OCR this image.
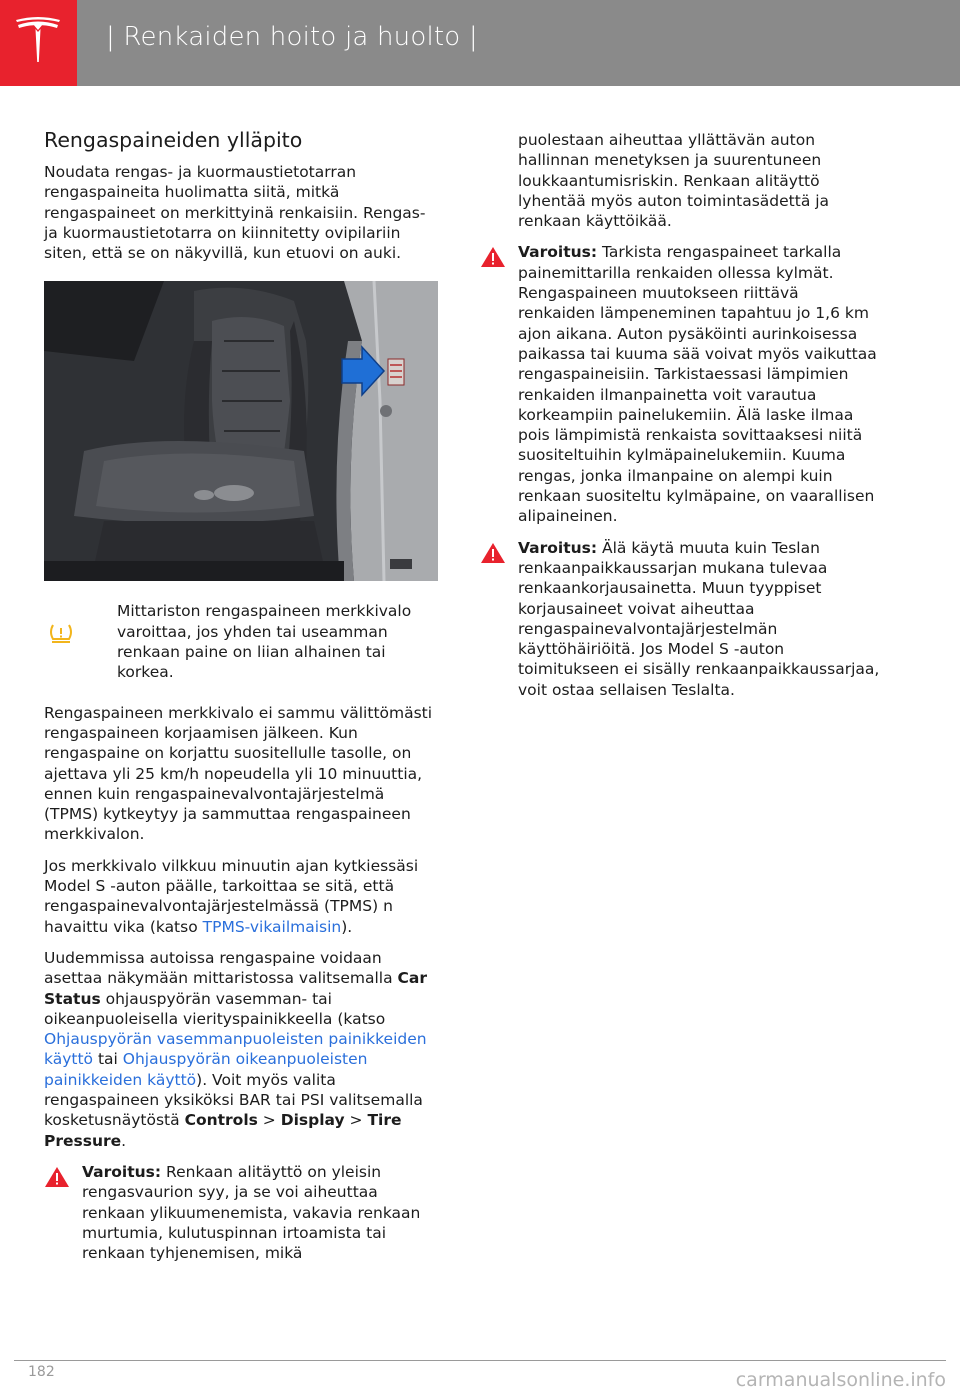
| Renkaiden hoito ja huolto |
Rengaspaineiden ylläpito

Noudata rengas- ja kuormaustietotarran rengaspaineita huolimatta siitä, mitkä rengaspaineet on merkittyinä renkaisiin. Rengas- ja kuormaustietotarra on kiinnitetty ovipilariin siten, että se on näkyvillä, kun etuovi on auki.

Mittariston rengaspaineen merkkivalo varoittaa, jos yhden tai useamman renkaan paine on liian alhainen tai korkea.

Rengaspaineen merkkivalo ei sammu välittömästi rengaspaineen korjaamisen jälkeen. Kun rengaspaine on korjattu suositellulle tasolle, on ajettava yli 25 km/h nopeudella yli 10 minuuttia, ennen kuin rengaspainevalvontajärjestelmä (TPMS) kytkeytyy ja sammuttaa rengaspaineen merkkivalon.

Jos merkkivalo vilkkuu minuutin ajan kytkiessäsi Model S -auton päälle, tarkoittaa se sitä, että rengaspainevalvontajärjestelmässä (TPMS) n havaittu vika (katso TPMS-vikailmaisin).

Uudemmissa autoissa rengaspaine voidaan asettaa näkymään mittaristossa valitsemalla Car Status ohjauspyörän vasemman- tai oikeanpuoleisella vierityspainikkeella (katso Ohjauspyörän vasemmanpuoleisten painikkeiden käyttö tai Ohjauspyörän oikeanpuoleisten painikkeiden käyttö). Voit myös valita rengaspaineen yksiköksi BAR tai PSI valitsemalla kosketusnäytöstä Controls > Display > Tire Pressure.

Varoitus: Renkaan alitäyttö on yleisin rengasvaurion syy, ja se voi aiheuttaa renkaan ylikuumenemista, vakavia renkaan murtumia, kulutuspinnan irtoamista tai renkaan tyhjenemisen, mikä

puolestaan aiheuttaa yllättävän auton hallinnan menetyksen ja suurentuneen loukkaantumisriskin. Renkaan alitäyttö lyhentää myös auton toimintasädettä ja renkaan käyttöikää.

Varoitus: Tarkista rengaspaineet tarkalla painemittarilla renkaiden ollessa kylmät. Rengaspaineen muutokseen riittävä renkaiden lämpeneminen tapahtuu jo 1,6 km ajon aikana. Auton pysäköinti aurinkoisessa paikassa tai kuuma sää voivat myös vaikuttaa rengaspaineisiin. Tarkistaessasi lämpimien renkaiden ilmanpainetta voit varautua korkeampiin painelukemiin. Älä laske ilmaa pois lämpimistä renkaista sovittaaksesi niitä suositeltuihin kylmäpainelukemiin. Kuuma rengas, jonka ilmanpaine on alempi kuin renkaan suositeltu kylmäpaine, on vaarallisen alipaineinen.

Varoitus: Älä käytä muuta kuin Teslan renkaanpaikkaussarjan mukana tulevaa renkaankorjausainetta. Muun tyyppiset korjausaineet voivat aiheuttaa rengaspainevalvontajärjestelmän käyttöhäiriöitä. Jos Model S -auton toimitukseen ei sisälly renkaanpaikkaussarjaa, voit ostaa sellaisen Teslalta.

182	carmanualsonline.info
